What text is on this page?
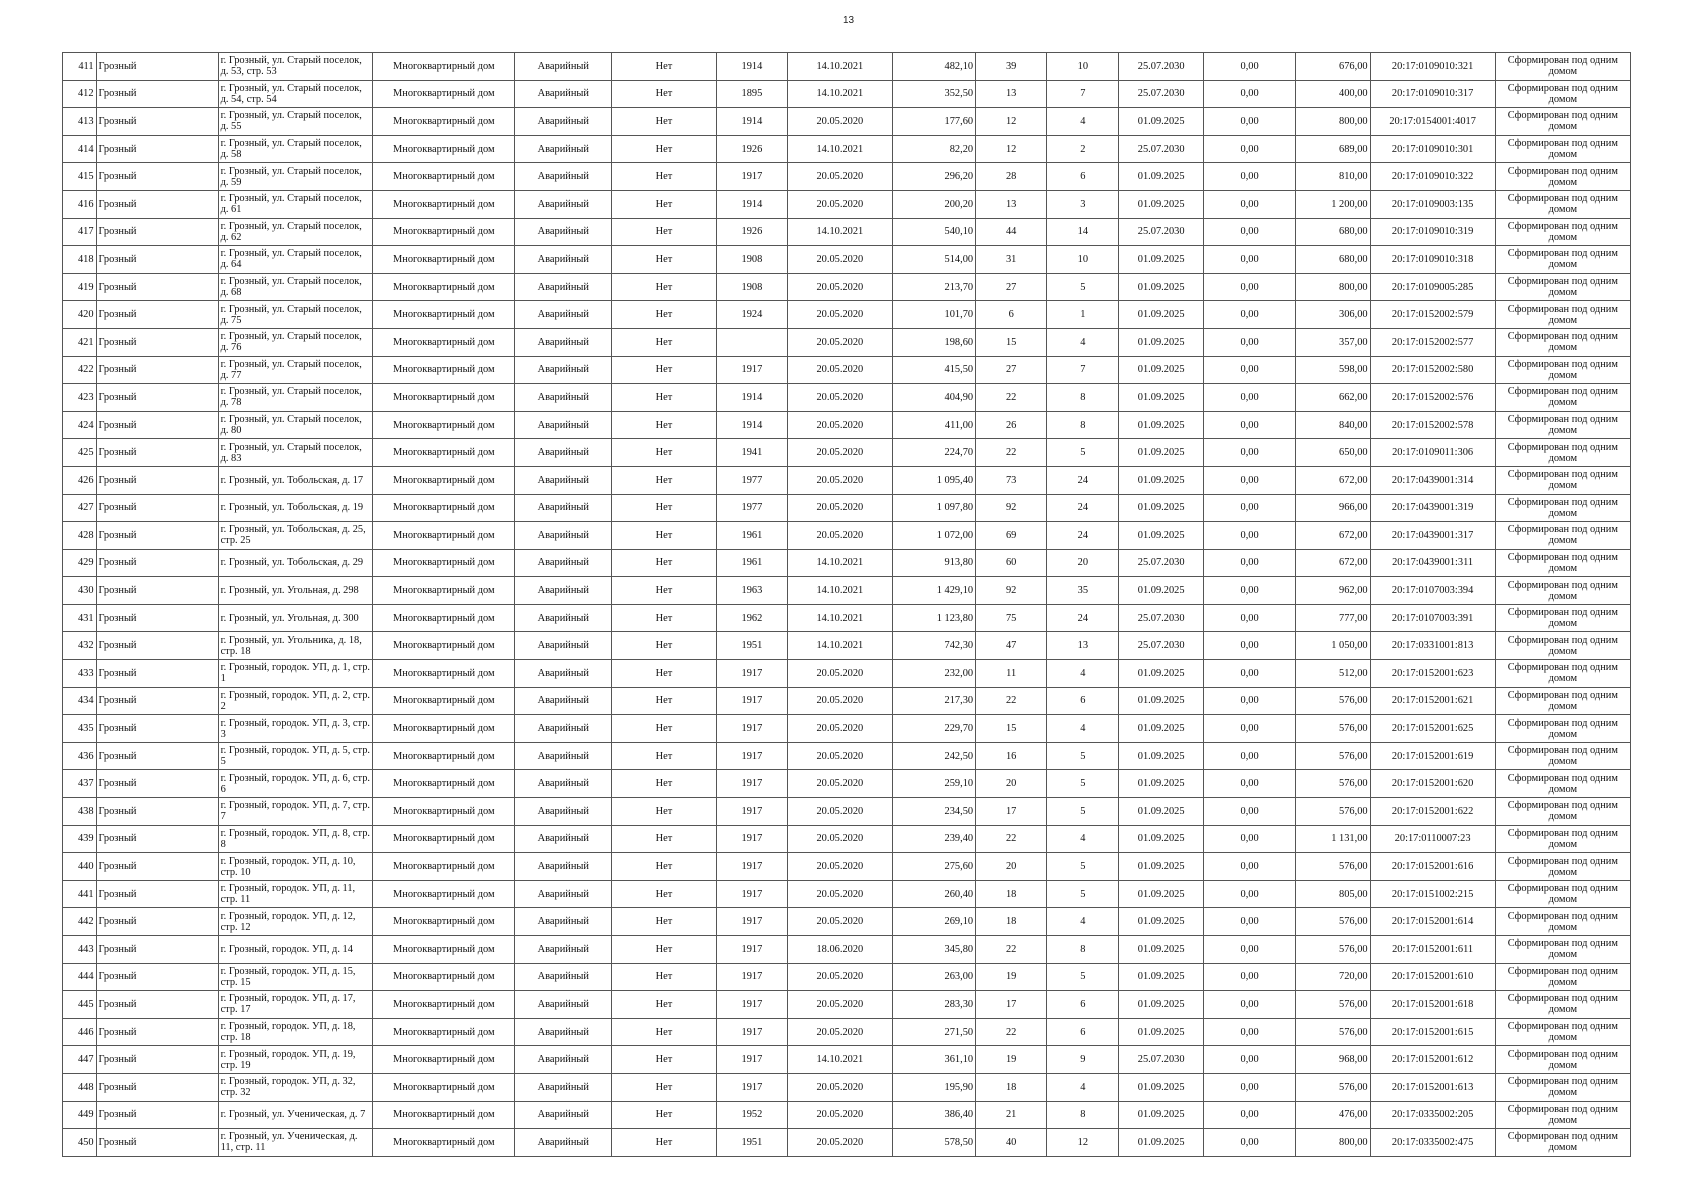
13
411	Грозный	г. Грозный, ул. Старый поселок, д. 53, стр. 53	Многоквартирный дом	Аварийный	Нет	1914	14.10.2021	482,10	39	10	25.07.2030	0,00	676,00	20:17:0109010:321	Сформирован под одним домом
412	Грозный	г. Грозный, ул. Старый поселок, д. 54, стр. 54	Многоквартирный дом	Аварийный	Нет	1895	14.10.2021	352,50	13	7	25.07.2030	0,00	400,00	20:17:0109010:317	Сформирован под одним домом
413	Грозный	г. Грозный, ул. Старый поселок, д. 55	Многоквартирный дом	Аварийный	Нет	1914	20.05.2020	177,60	12	4	01.09.2025	0,00	800,00	20:17:0154001:4017	Сформирован под одним домом
414	Грозный	г. Грозный, ул. Старый поселок, д. 58	Многоквартирный дом	Аварийный	Нет	1926	14.10.2021	82,20	12	2	25.07.2030	0,00	689,00	20:17:0109010:301	Сформирован под одним домом
415	Грозный	г. Грозный, ул. Старый поселок, д. 59	Многоквартирный дом	Аварийный	Нет	1917	20.05.2020	296,20	28	6	01.09.2025	0,00	810,00	20:17:0109010:322	Сформирован под одним домом
416	Грозный	г. Грозный, ул. Старый поселок, д. 61	Многоквартирный дом	Аварийный	Нет	1914	20.05.2020	200,20	13	3	01.09.2025	0,00	1 200,00	20:17:0109003:135	Сформирован под одним домом
417	Грозный	г. Грозный, ул. Старый поселок, д. 62	Многоквартирный дом	Аварийный	Нет	1926	14.10.2021	540,10	44	14	25.07.2030	0,00	680,00	20:17:0109010:319	Сформирован под одним домом
418	Грозный	г. Грозный, ул. Старый поселок, д. 64	Многоквартирный дом	Аварийный	Нет	1908	20.05.2020	514,00	31	10	01.09.2025	0,00	680,00	20:17:0109010:318	Сформирован под одним домом
419	Грозный	г. Грозный, ул. Старый поселок, д. 68	Многоквартирный дом	Аварийный	Нет	1908	20.05.2020	213,70	27	5	01.09.2025	0,00	800,00	20:17:0109005:285	Сформирован под одним домом
420	Грозный	г. Грозный, ул. Старый поселок, д. 75	Многоквартирный дом	Аварийный	Нет	1924	20.05.2020	101,70	6	1	01.09.2025	0,00	306,00	20:17:0152002:579	Сформирован под одним домом
421	Грозный	г. Грозный, ул. Старый поселок, д. 76	Многоквартирный дом	Аварийный	Нет		20.05.2020	198,60	15	4	01.09.2025	0,00	357,00	20:17:0152002:577	Сформирован под одним домом
422	Грозный	г. Грозный, ул. Старый поселок, д. 77	Многоквартирный дом	Аварийный	Нет	1917	20.05.2020	415,50	27	7	01.09.2025	0,00	598,00	20:17:0152002:580	Сформирован под одним домом
423	Грозный	г. Грозный, ул. Старый поселок, д. 78	Многоквартирный дом	Аварийный	Нет	1914	20.05.2020	404,90	22	8	01.09.2025	0,00	662,00	20:17:0152002:576	Сформирован под одним домом
424	Грозный	г. Грозный, ул. Старый поселок, д. 80	Многоквартирный дом	Аварийный	Нет	1914	20.05.2020	411,00	26	8	01.09.2025	0,00	840,00	20:17:0152002:578	Сформирован под одним домом
425	Грозный	г. Грозный, ул. Старый поселок, д. 83	Многоквартирный дом	Аварийный	Нет	1941	20.05.2020	224,70	22	5	01.09.2025	0,00	650,00	20:17:0109011:306	Сформирован под одним домом
426	Грозный	г. Грозный, ул. Тобольская, д. 17	Многоквартирный дом	Аварийный	Нет	1977	20.05.2020	1 095,40	73	24	01.09.2025	0,00	672,00	20:17:0439001:314	Сформирован под одним домом
427	Грозный	г. Грозный, ул. Тобольская, д. 19	Многоквартирный дом	Аварийный	Нет	1977	20.05.2020	1 097,80	92	24	01.09.2025	0,00	966,00	20:17:0439001:319	Сформирован под одним домом
428	Грозный	г. Грозный, ул. Тобольская, д. 25, стр. 25	Многоквартирный дом	Аварийный	Нет	1961	20.05.2020	1 072,00	69	24	01.09.2025	0,00	672,00	20:17:0439001:317	Сформирован под одним домом
429	Грозный	г. Грозный, ул. Тобольская, д. 29	Многоквартирный дом	Аварийный	Нет	1961	14.10.2021	913,80	60	20	25.07.2030	0,00	672,00	20:17:0439001:311	Сформирован под одним домом
430	Грозный	г. Грозный, ул. Угольная, д. 298	Многоквартирный дом	Аварийный	Нет	1963	14.10.2021	1 429,10	92	35	01.09.2025	0,00	962,00	20:17:0107003:394	Сформирован под одним домом
431	Грозный	г. Грозный, ул. Угольная, д. 300	Многоквартирный дом	Аварийный	Нет	1962	14.10.2021	1 123,80	75	24	25.07.2030	0,00	777,00	20:17:0107003:391	Сформирован под одним домом
432	Грозный	г. Грозный, ул. Угольника, д. 18, стр. 18	Многоквартирный дом	Аварийный	Нет	1951	14.10.2021	742,30	47	13	25.07.2030	0,00	1 050,00	20:17:0331001:813	Сформирован под одним домом
433	Грозный	г. Грозный, городок. УП, д. 1, стр. 1	Многоквартирный дом	Аварийный	Нет	1917	20.05.2020	232,00	11	4	01.09.2025	0,00	512,00	20:17:0152001:623	Сформирован под одним домом
434	Грозный	г. Грозный, городок. УП, д. 2, стр. 2	Многоквартирный дом	Аварийный	Нет	1917	20.05.2020	217,30	22	6	01.09.2025	0,00	576,00	20:17:0152001:621	Сформирован под одним домом
435	Грозный	г. Грозный, городок. УП, д. 3, стр. 3	Многоквартирный дом	Аварийный	Нет	1917	20.05.2020	229,70	15	4	01.09.2025	0,00	576,00	20:17:0152001:625	Сформирован под одним домом
436	Грозный	г. Грозный, городок. УП, д. 5, стр. 5	Многоквартирный дом	Аварийный	Нет	1917	20.05.2020	242,50	16	5	01.09.2025	0,00	576,00	20:17:0152001:619	Сформирован под одним домом
437	Грозный	г. Грозный, городок. УП, д. 6, стр. 6	Многоквартирный дом	Аварийный	Нет	1917	20.05.2020	259,10	20	5	01.09.2025	0,00	576,00	20:17:0152001:620	Сформирован под одним домом
438	Грозный	г. Грозный, городок. УП, д. 7, стр. 7	Многоквартирный дом	Аварийный	Нет	1917	20.05.2020	234,50	17	5	01.09.2025	0,00	576,00	20:17:0152001:622	Сформирован под одним домом
439	Грозный	г. Грозный, городок. УП, д. 8, стр. 8	Многоквартирный дом	Аварийный	Нет	1917	20.05.2020	239,40	22	4	01.09.2025	0,00	1 131,00	20:17:0110007:23	Сформирован под одним домом
440	Грозный	г. Грозный, городок. УП, д. 10, стр. 10	Многоквартирный дом	Аварийный	Нет	1917	20.05.2020	275,60	20	5	01.09.2025	0,00	576,00	20:17:0152001:616	Сформирован под одним домом
441	Грозный	г. Грозный, городок. УП, д. 11, стр. 11	Многоквартирный дом	Аварийный	Нет	1917	20.05.2020	260,40	18	5	01.09.2025	0,00	805,00	20:17:0151002:215	Сформирован под одним домом
442	Грозный	г. Грозный, городок. УП, д. 12, стр. 12	Многоквартирный дом	Аварийный	Нет	1917	20.05.2020	269,10	18	4	01.09.2025	0,00	576,00	20:17:0152001:614	Сформирован под одним домом
443	Грозный	г. Грозный, городок. УП, д. 14	Многоквартирный дом	Аварийный	Нет	1917	18.06.2020	345,80	22	8	01.09.2025	0,00	576,00	20:17:0152001:611	Сформирован под одним домом
444	Грозный	г. Грозный, городок. УП, д. 15, стр. 15	Многоквартирный дом	Аварийный	Нет	1917	20.05.2020	263,00	19	5	01.09.2025	0,00	720,00	20:17:0152001:610	Сформирован под одним домом
445	Грозный	г. Грозный, городок. УП, д. 17, стр. 17	Многоквартирный дом	Аварийный	Нет	1917	20.05.2020	283,30	17	6	01.09.2025	0,00	576,00	20:17:0152001:618	Сформирован под одним домом
446	Грозный	г. Грозный, городок. УП, д. 18, стр. 18	Многоквартирный дом	Аварийный	Нет	1917	20.05.2020	271,50	22	6	01.09.2025	0,00	576,00	20:17:0152001:615	Сформирован под одним домом
447	Грозный	г. Грозный, городок. УП, д. 19, стр. 19	Многоквартирный дом	Аварийный	Нет	1917	14.10.2021	361,10	19	9	25.07.2030	0,00	968,00	20:17:0152001:612	Сформирован под одним домом
448	Грозный	г. Грозный, городок. УП, д. 32, стр. 32	Многоквартирный дом	Аварийный	Нет	1917	20.05.2020	195,90	18	4	01.09.2025	0,00	576,00	20:17:0152001:613	Сформирован под одним домом
449	Грозный	г. Грозный, ул. Ученическая, д. 7	Многоквартирный дом	Аварийный	Нет	1952	20.05.2020	386,40	21	8	01.09.2025	0,00	476,00	20:17:0335002:205	Сформирован под одним домом
450	Грозный	г. Грозный, ул. Ученическая, д. 11, стр. 11	Многоквартирный дом	Аварийный	Нет	1951	20.05.2020	578,50	40	12	01.09.2025	0,00	800,00	20:17:0335002:475	Сформирован под одним домом
